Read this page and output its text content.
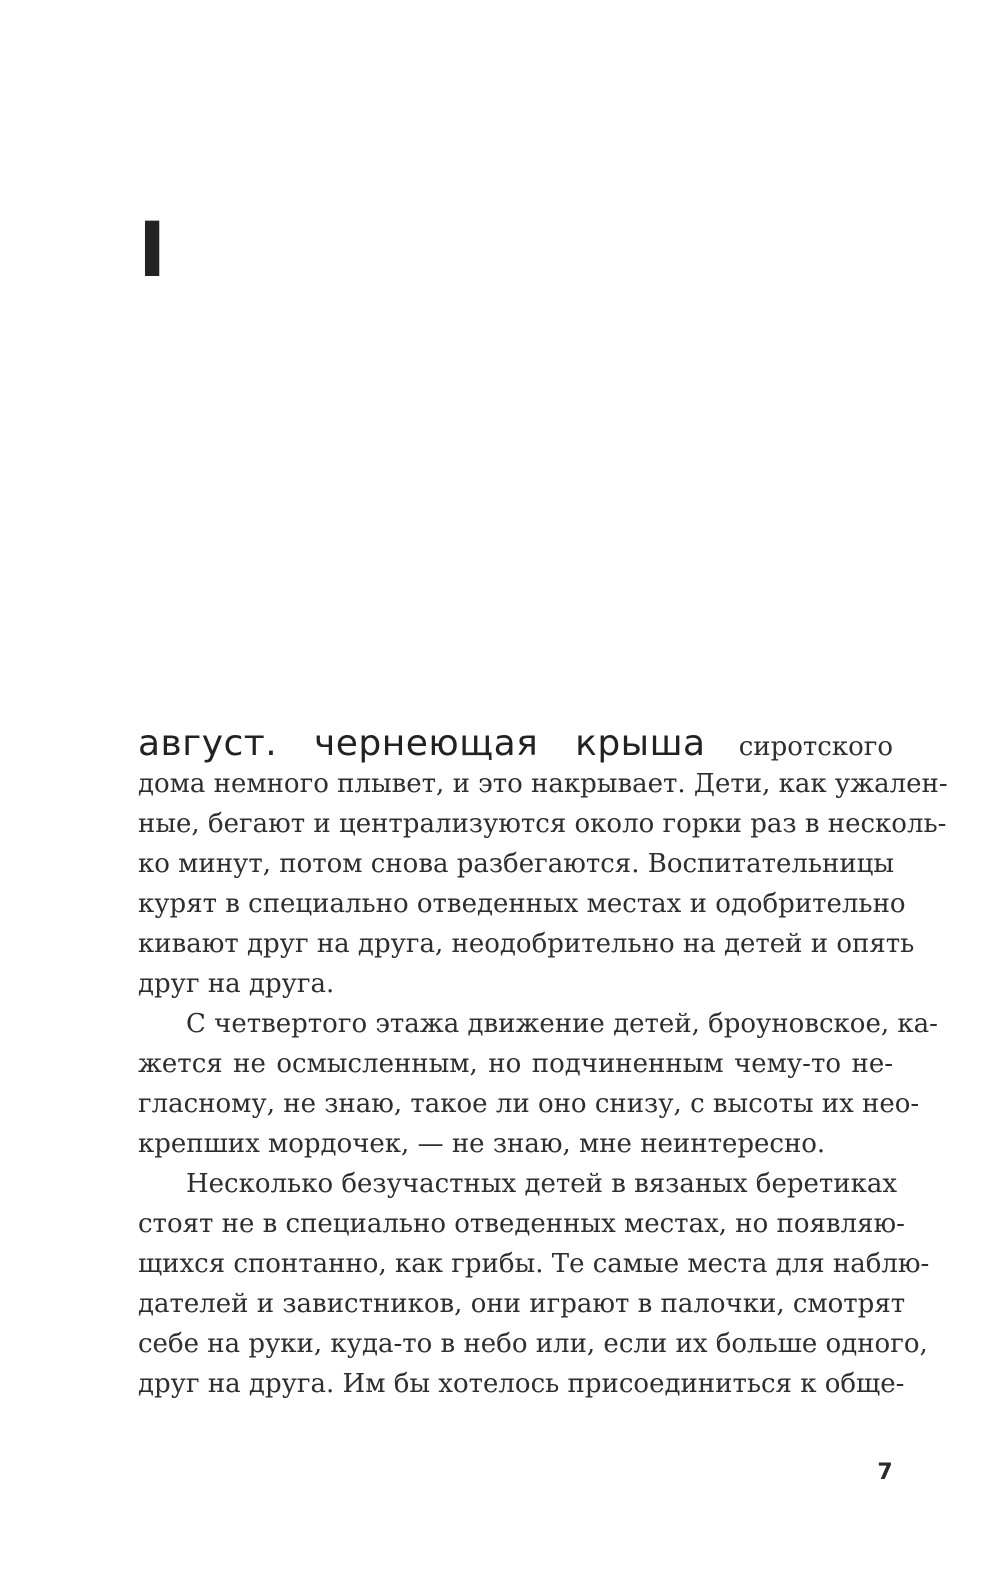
I
август. чернеющая крыша сиротского
дома немного плывет, и это накрывает. Дети, как ужален-
ные, бегают и централизуются около горки раз в несколь-
ко минут, потом снова разбегаются. Воспитательницы
курят в специально отведенных местах и одобрительно
кивают друг на друга, неодобрительно на детей и опять
друг на друга.
С четвертого этажа движение детей, броуновское, ка-
жется не осмысленным, но подчиненным чему-то не-
гласному, не знаю, такое ли оно снизу, с высоты их нео-
крепших мордочек, — не знаю, мне неинтересно.
Несколько безучастных детей в вязаных беретиках
стоят не в специально отведенных местах, но появляю-
щихся спонтанно, как грибы. Те самые места для наблю-
дателей и завистников, они играют в палочки, смотрят
себе на руки, куда-то в небо или, если их больше одного,
друг на друга. Им бы хотелось присоединиться к обще-
7
